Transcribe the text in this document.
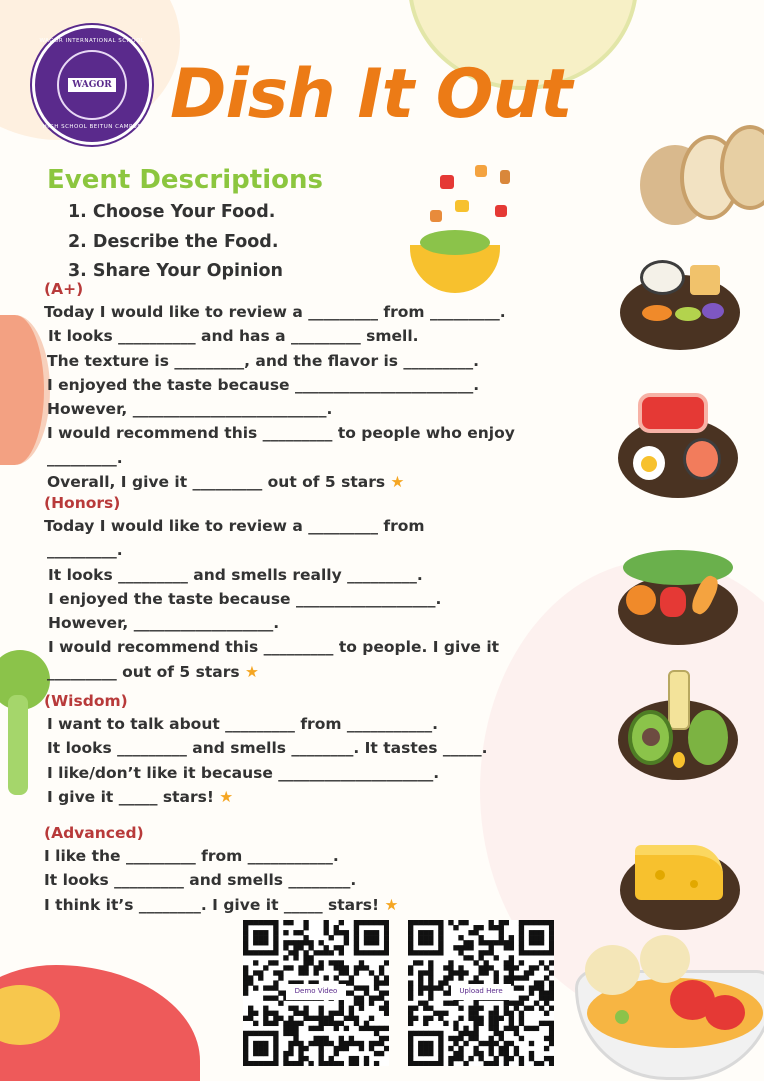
WAGOR INTERNATIONAL SCHOOL
WAGOR
HIGH SCHOOL BEITUN CAMPUS Dish It Out
Event Descriptions
1. Choose Your Food.
2. Describe the Food.
3. Share Your Opinion
(A+)
Today I would like to review a _________ from _________.
It looks __________ and has a _________ smell.
The texture is _________, and the flavor is _________.
I enjoyed the taste because _______________________.
However, _________________________.
I would recommend this _________ to people who enjoy
_________.
Overall, I give it _________ out of 5 stars ★
(Honors)
Today I would like to review a _________ from
_________.
It looks _________ and smells really _________.
I enjoyed the taste because __________________.
However, __________________.
I would recommend this _________ to people. I give it
_________ out of 5 stars ★
(Wisdom)
I want to talk about _________ from ___________.
It looks _________ and smells ________. It tastes _____.
I like/don’t like it because ____________________.
I give it _____ stars! ★
(Advanced)
I like the _________ from ___________.
It looks _________ and smells ________.
I think it’s ________. I give it _____ stars! ★
Demo Video	Upload Here
